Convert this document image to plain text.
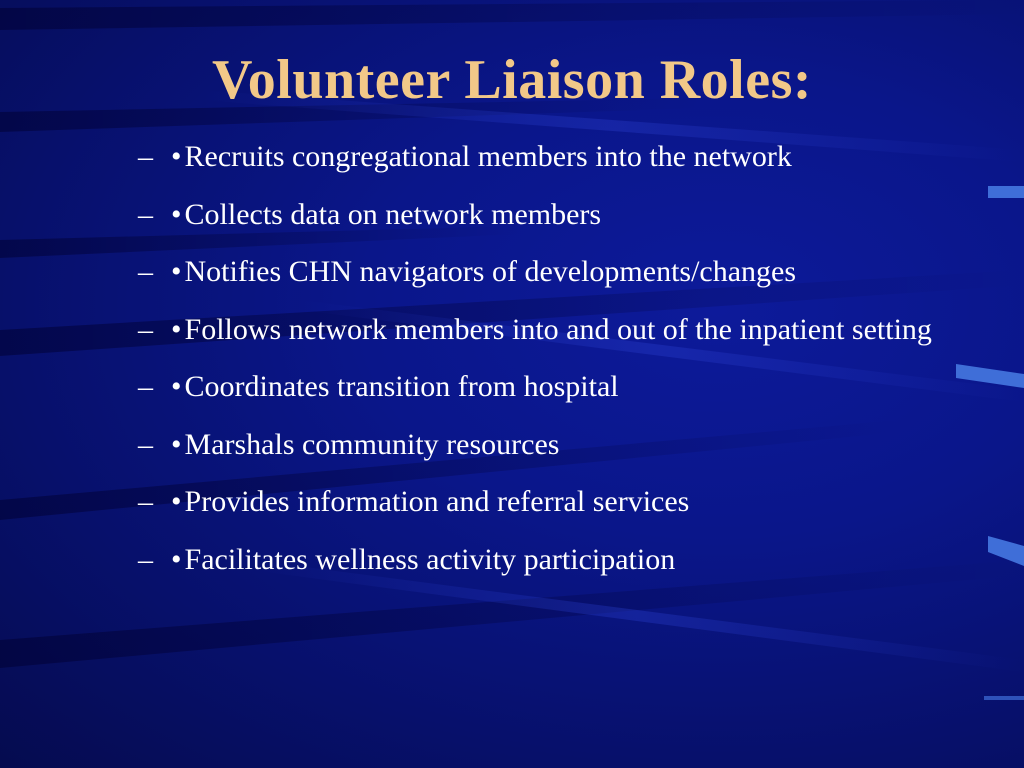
Volunteer Liaison Roles:
– • Recruits congregational members into the network
– • Collects data on network members
– • Notifies CHN navigators of developments/changes
– • Follows network members into and out of the inpatient setting
– • Coordinates transition from hospital
– • Marshals community resources
– • Provides information and referral services
– • Facilitates wellness activity participation
